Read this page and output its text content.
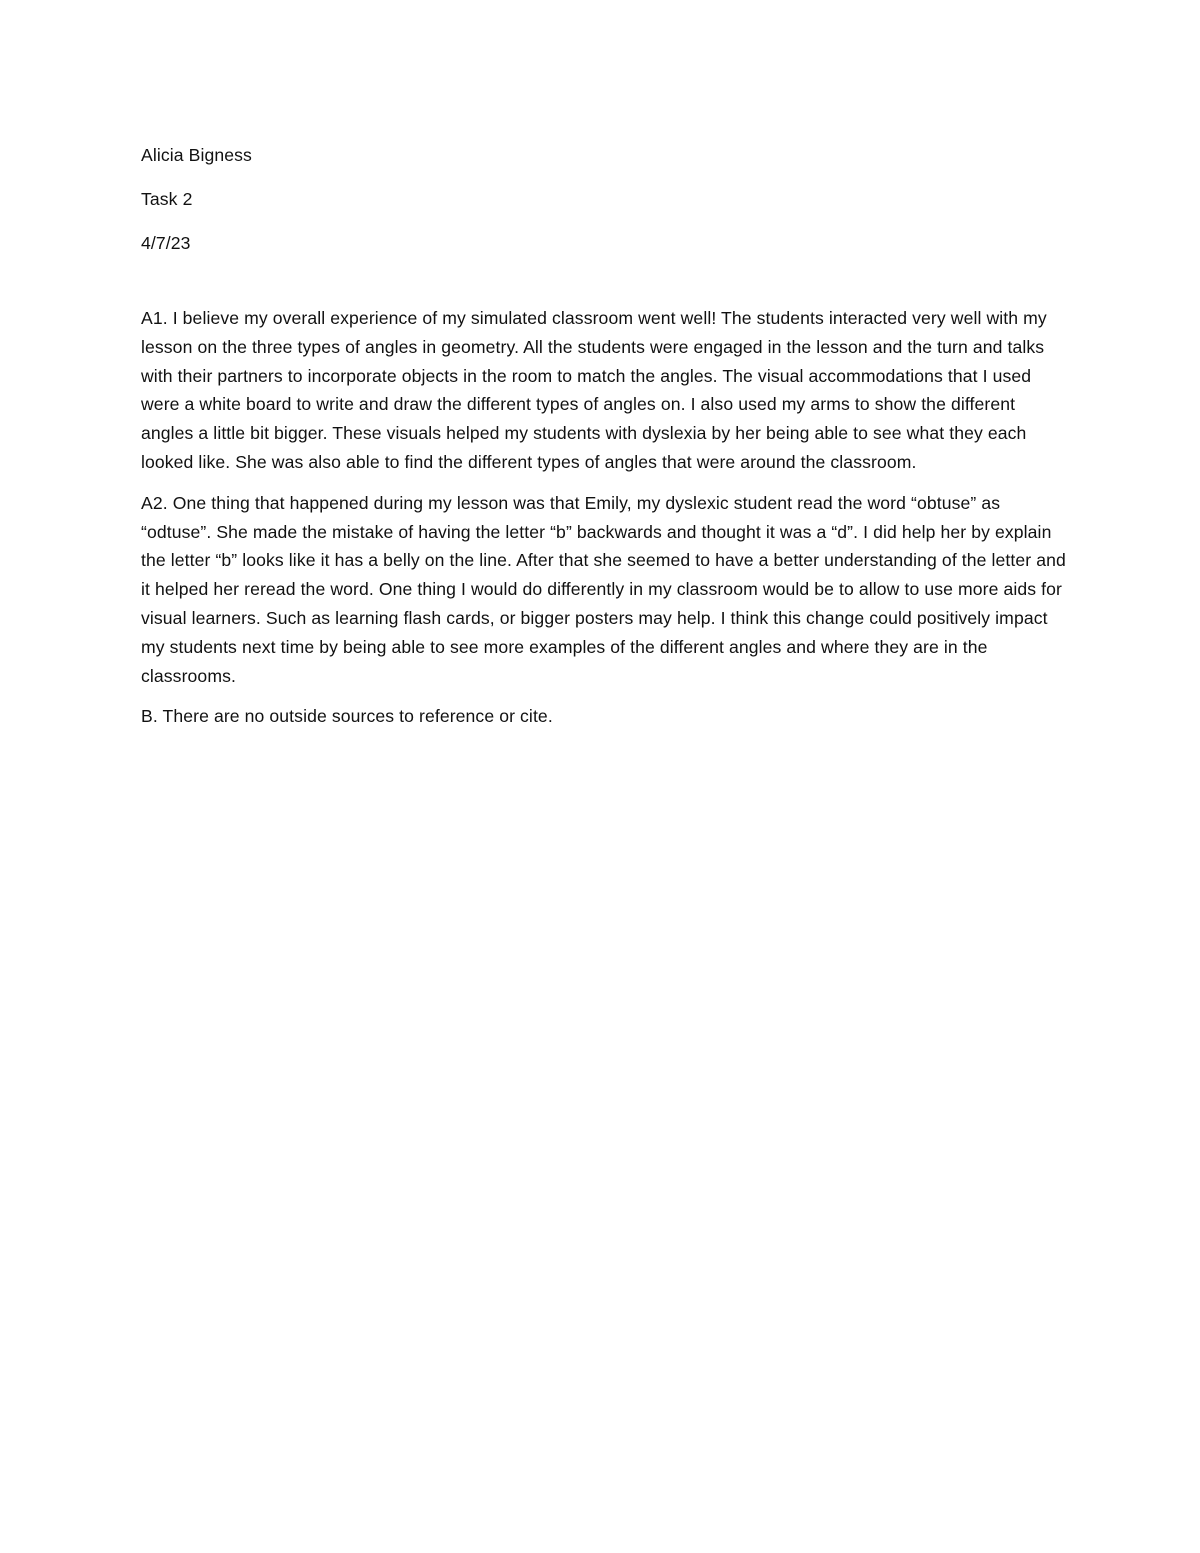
Alicia Bigness

Task 2

4/7/23

A1. I believe my overall experience of my simulated classroom went well! The students interacted very well with my lesson on the three types of angles in geometry. All the students were engaged in the lesson and the turn and talks with their partners to incorporate objects in the room to match the angles. The visual accommodations that I used were a white board to write and draw the different types of angles on. I also used my arms to show the different angles a little bit bigger. These visuals helped my students with dyslexia by her being able to see what they each looked like. She was also able to find the different types of angles that were around the classroom.

A2. One thing that happened during my lesson was that Emily, my dyslexic student read the word “obtuse” as “odtuse”. She made the mistake of having the letter “b” backwards and thought it was a “d”. I did help her by explain the letter “b” looks like it has a belly on the line. After that she seemed to have a better understanding of the letter and it helped her reread the word. One thing I would do differently in my classroom would be to allow to use more aids for visual learners. Such as learning flash cards, or bigger posters may help. I think this change could positively impact my students next time by being able to see more examples of the different angles and where they are in the classrooms.

B. There are no outside sources to reference or cite.
